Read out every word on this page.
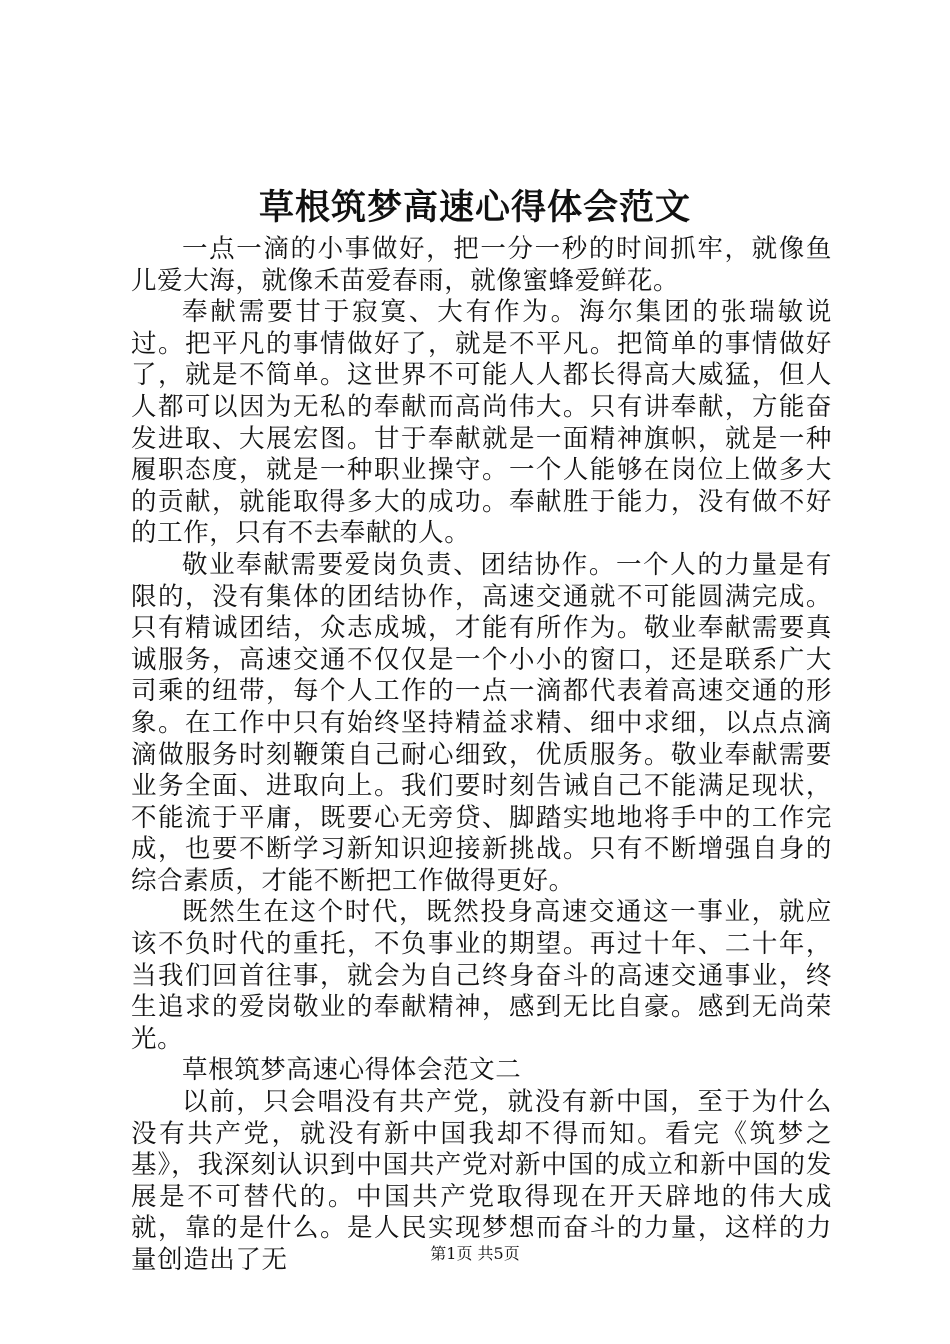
草根筑梦高速心得体会范文

一点一滴的小事做好，把一分一秒的时间抓牢，就像鱼儿爱大海，就像禾苗爱春雨，就像蜜蜂爱鲜花。

奉献需要甘于寂寞、大有作为。海尔集团的张瑞敏说过。把平凡的事情做好了，就是不平凡。把简单的事情做好了，就是不简单。这世界不可能人人都长得高大威猛，但人人都可以因为无私的奉献而高尚伟大。只有讲奉献，方能奋发进取、大展宏图。甘于奉献就是一面精神旗帜，就是一种履职态度，就是一种职业操守。一个人能够在岗位上做多大的贡献，就能取得多大的成功。奉献胜于能力，没有做不好的工作，只有不去奉献的人。

敬业奉献需要爱岗负责、团结协作。一个人的力量是有限的，没有集体的团结协作，高速交通就不可能圆满完成。只有精诚团结，众志成城，才能有所作为。敬业奉献需要真诚服务，高速交通不仅仅是一个小小的窗口，还是联系广大司乘的纽带，每个人工作的一点一滴都代表着高速交通的形象。在工作中只有始终坚持精益求精、细中求细，以点点滴滴做服务时刻鞭策自己耐心细致，优质服务。敬业奉献需要业务全面、进取向上。我们要时刻告诫自己不能满足现状，不能流于平庸，既要心无旁贷、脚踏实地地将手中的工作完成，也要不断学习新知识迎接新挑战。只有不断增强自身的综合素质，才能不断把工作做得更好。

既然生在这个时代，既然投身高速交通这一事业，就应该不负时代的重托，不负事业的期望。再过十年、二十年，当我们回首往事，就会为自己终身奋斗的高速交通事业，终生追求的爱岗敬业的奉献精神，感到无比自豪。感到无尚荣光。

草根筑梦高速心得体会范文二

以前，只会唱没有共产党，就没有新中国，至于为什么没有共产党，就没有新中国我却不得而知。看完《筑梦之基》，我深刻认识到中国共产党对新中国的成立和新中国的发展是不可替代的。中国共产党取得现在开天辟地的伟大成就，靠的是什么。是人民实现梦想而奋斗的力量，这样的力量创造出了无	第1页 共5页
